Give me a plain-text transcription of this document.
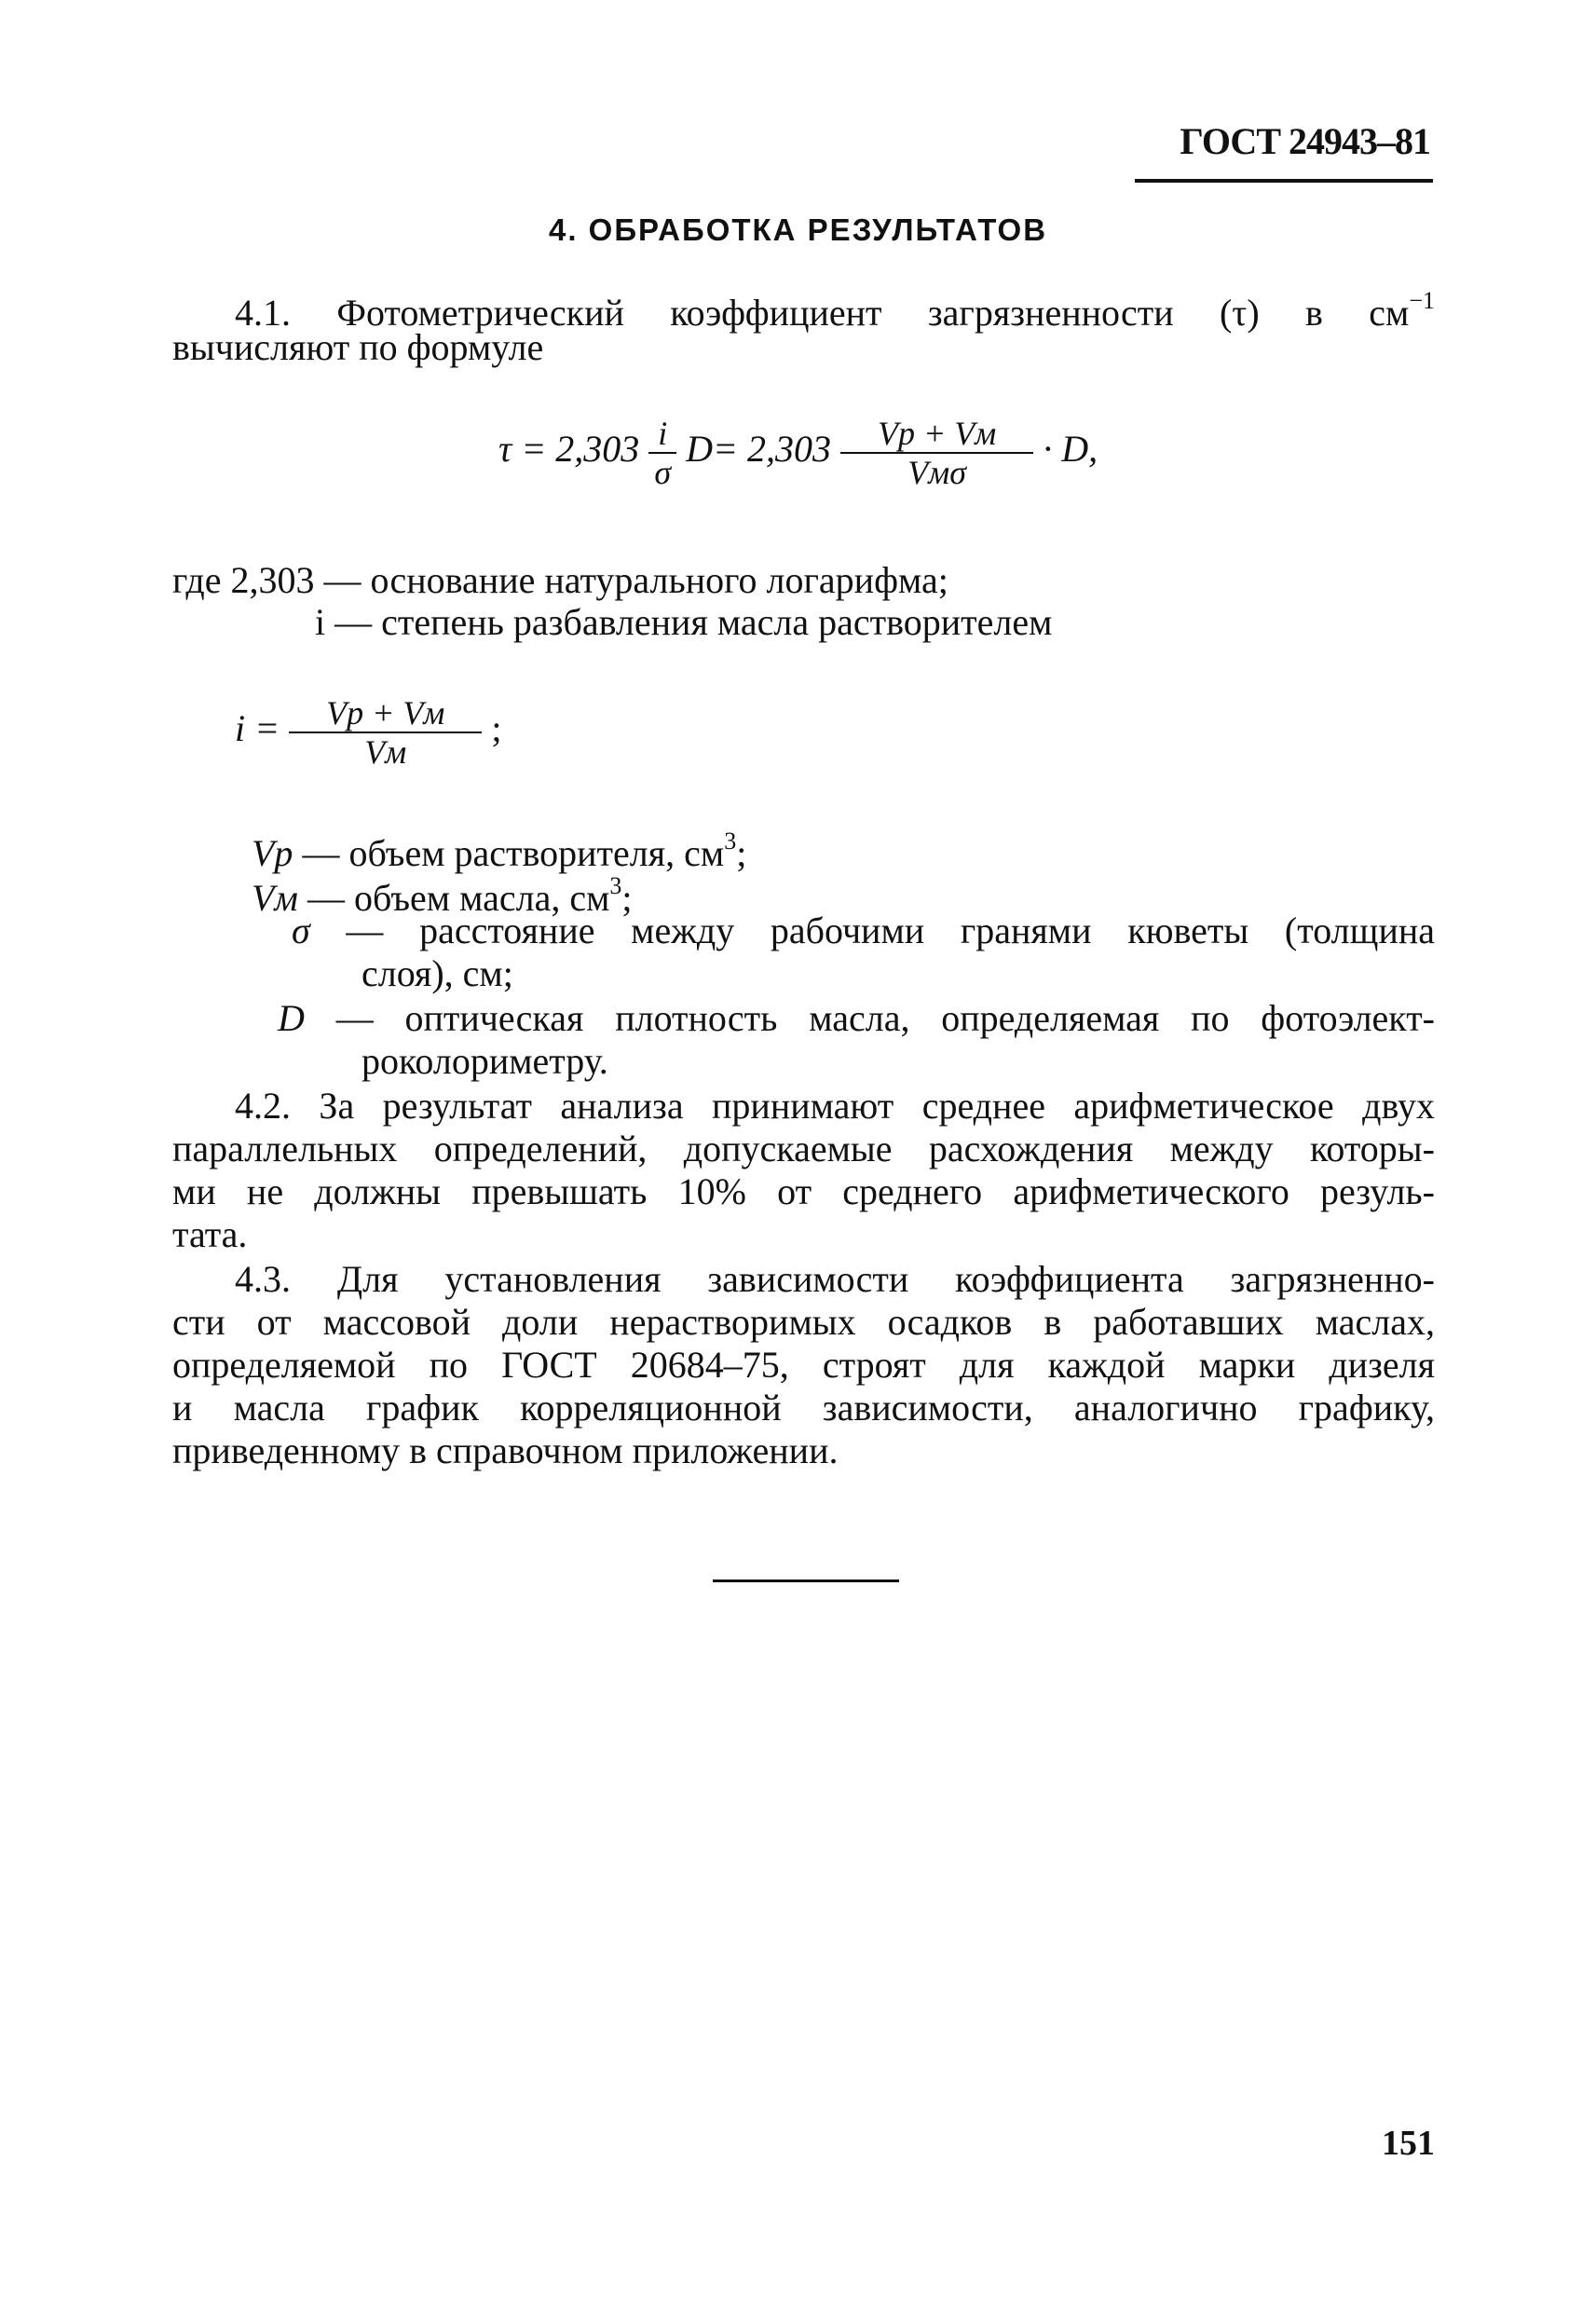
ГОСТ 24943–81
4. ОБРАБОТКА РЕЗУЛЬТАТОВ
4.1. Фотометрический коэффициент загрязненности (τ) в $см^{-1}$
вычисляют по формуле
$\tau = 2,303 \frac{i}{\sigma} D= 2,303 \frac{Vр + Vм}{\text{Vмσ}} \cdot D$,
где 2,303 — основание натурального логарифма;
i — степень разбавления масла растворителем
$i = \frac{Vр + Vм}{Vм}$ ;
Vр — объем растворителя, $см^3$;
Vм — объем масла, $см^3$;
σ — расстояние между рабочими гранями кюветы (толщина
слоя), см;
D — оптическая плотность масла, определяемая по фотоэлект-
роколориметру.
4.2. За результат анализа принимают среднее арифметическое двух
параллельных определений, допускаемые расхождения между которы-
ми не должны превышать 10% от среднего арифметического резуль-
тата.
4.3. Для установления зависимости коэффициента загрязненно-
сти от массовой доли нерастворимых осадков в работавших маслах,
определяемой по ГОСТ 20684–75, строят для каждой марки дизеля
и масла график корреляционной зависимости, аналогично графику,
приведенному в справочном приложении.
151
